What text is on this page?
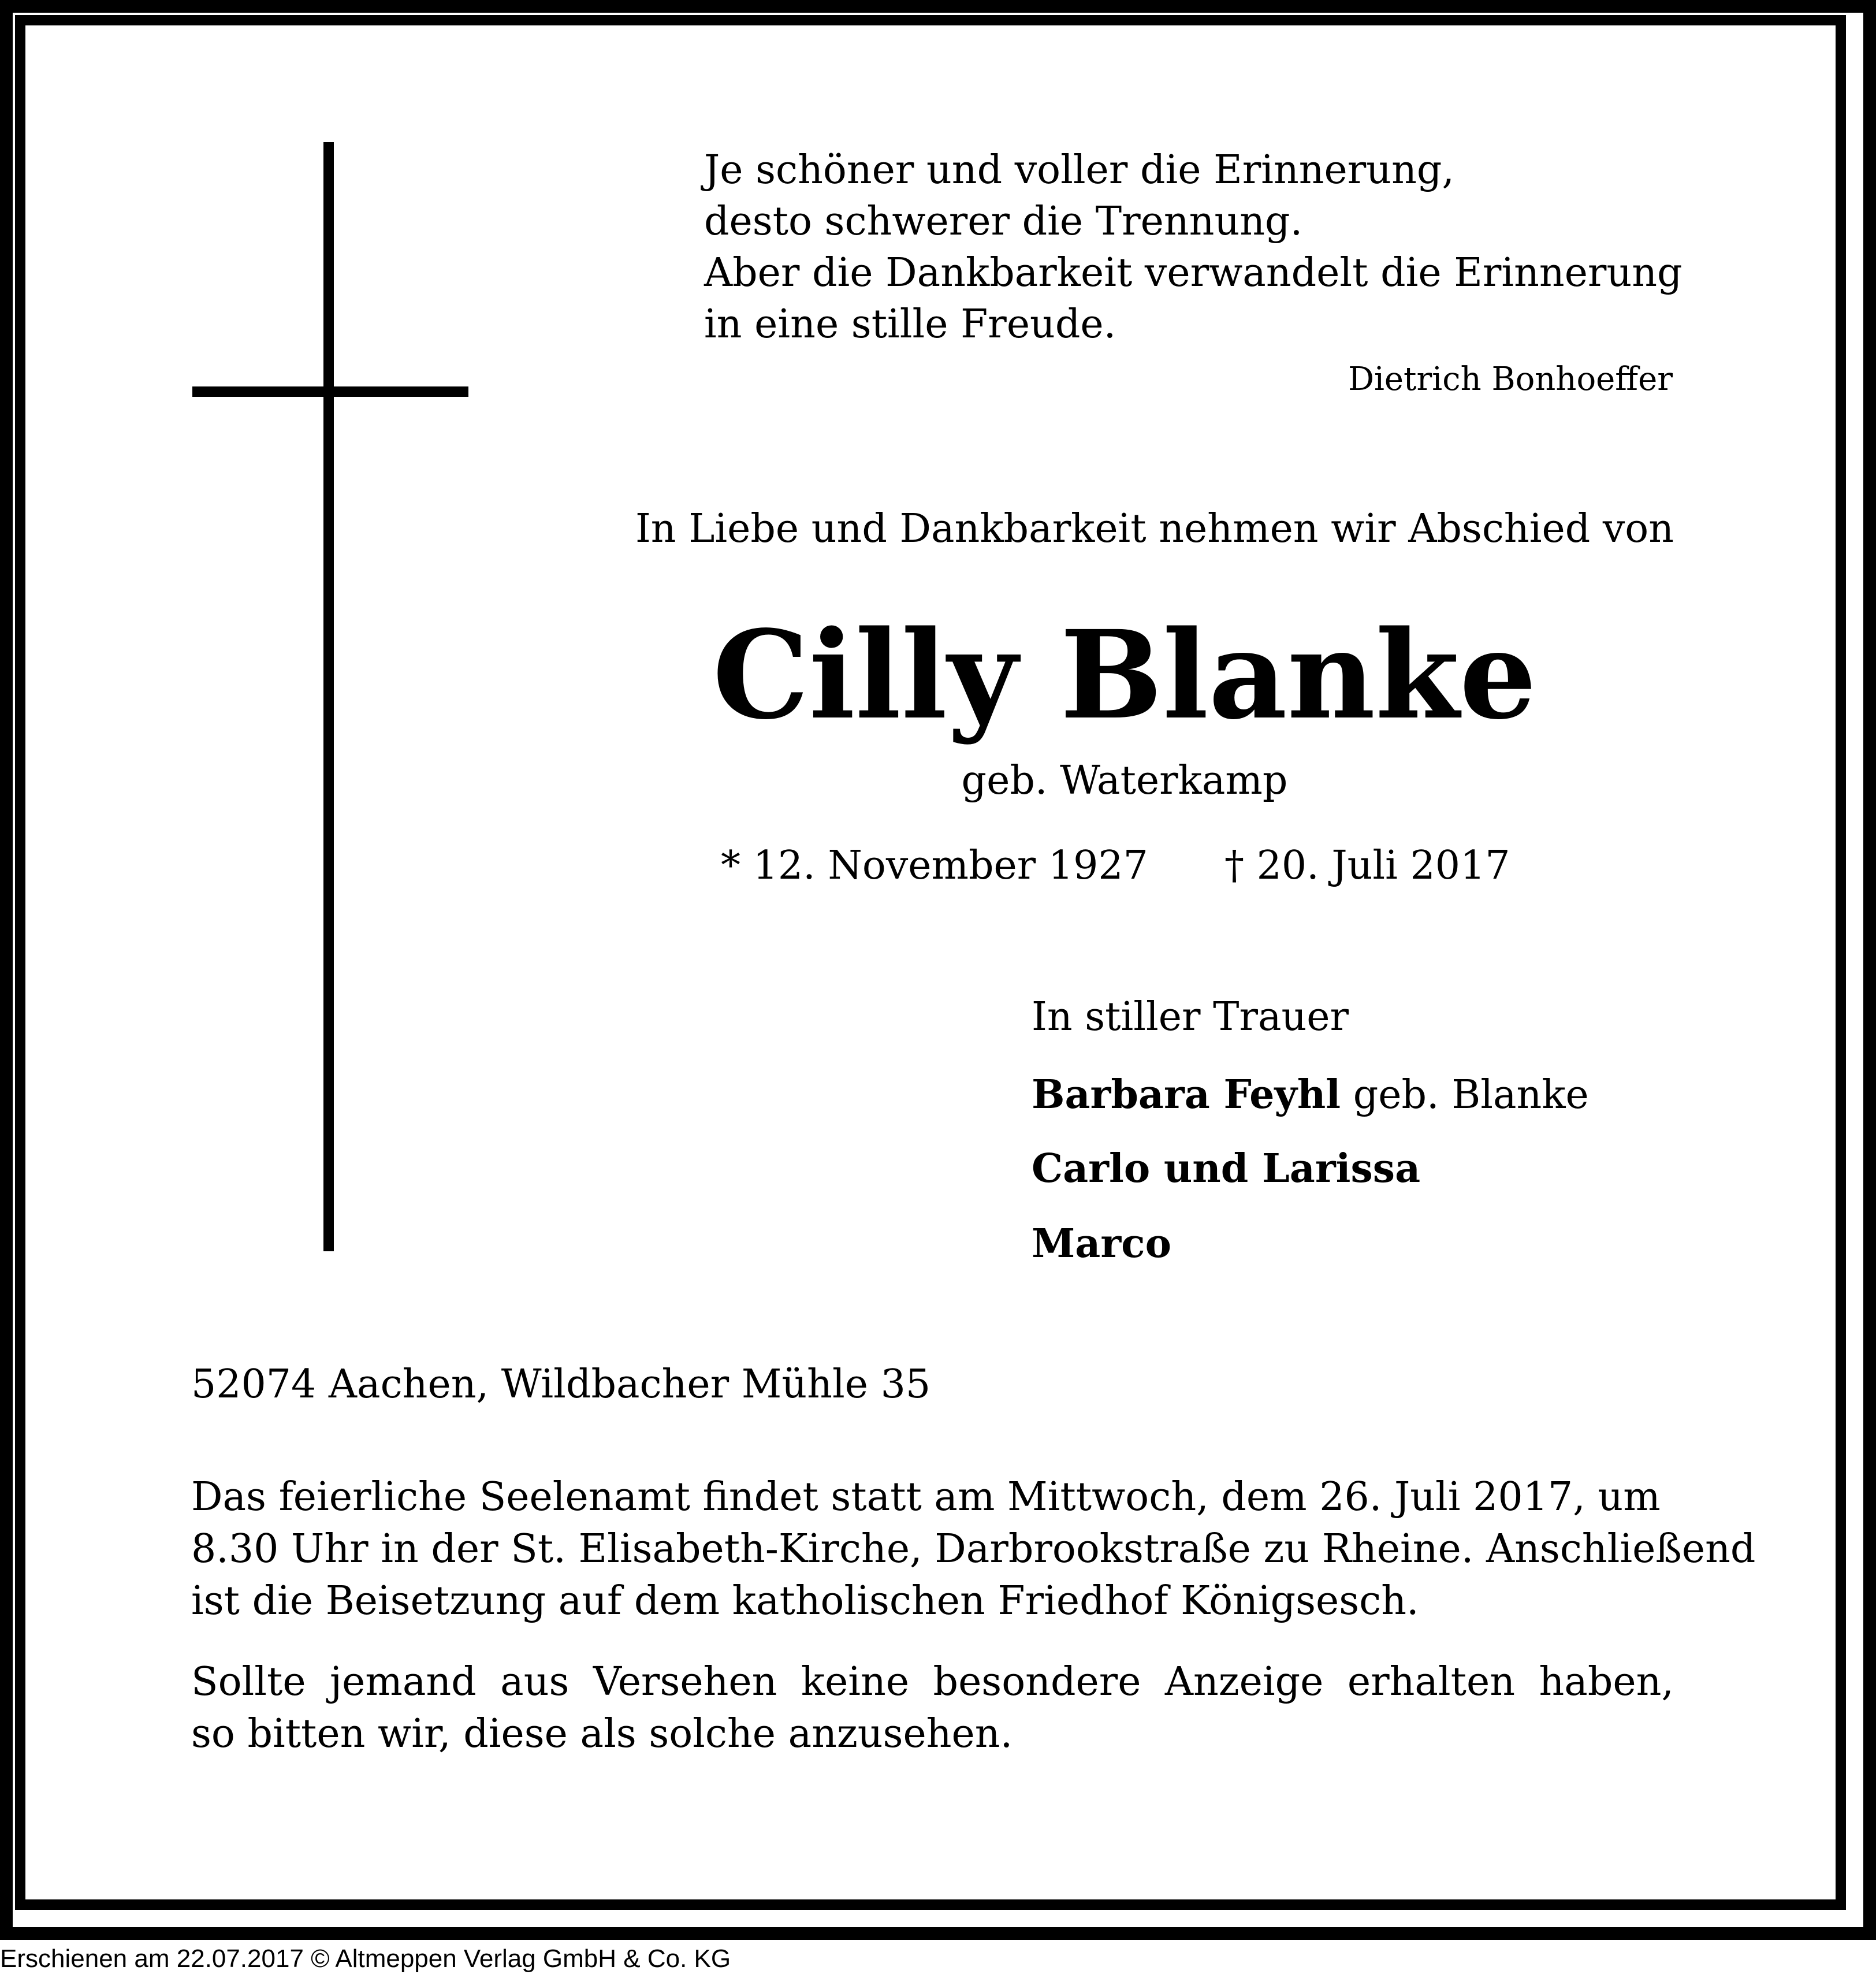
Je schöner und voller die Erinnerung,
desto schwerer die Trennung.
Aber die Dankbarkeit verwandelt die Erinnerung
in eine stille Freude.
Dietrich Bonhoeffer
In Liebe und Dankbarkeit nehmen wir Abschied von
Cilly Blanke
geb. Waterkamp
* 12. November 1927 † 20. Juli 2017
In stiller Trauer
Barbara Feyhl geb. Blanke
Carlo und Larissa
Marco
52074 Aachen, Wildbacher Mühle 35
Das feierliche Seelenamt findet statt am Mittwoch, dem 26. Juli 2017, um
8.30 Uhr in der St. Elisabeth-Kirche, Darbrookstraße zu Rheine. Anschließend
ist die Beisetzung auf dem katholischen Friedhof Königsesch.
Sollte jemand aus Versehen keine besondere Anzeige erhalten haben,
so bitten wir, diese als solche anzusehen.
Erschienen am 22.07.2017 © Altmeppen Verlag GmbH & Co. KG
